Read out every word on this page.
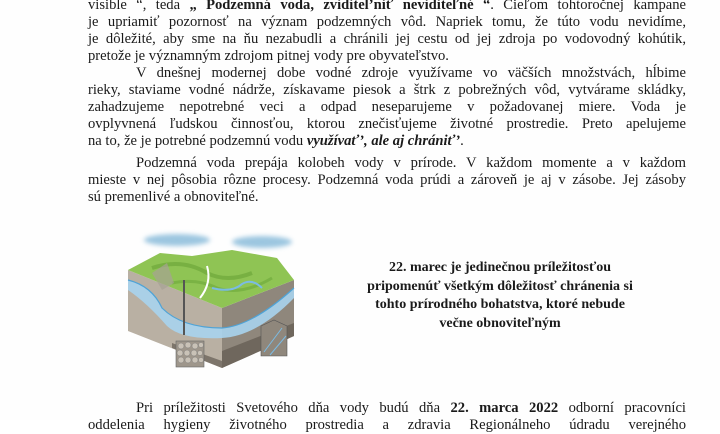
visible “, teda „ Podzemná voda, zviditel’niť neviditeľné “. Cieľom tohtoročnej kampane
je upriamiť pozornosť na význam podzemných vôd. Napriek tomu, že túto vodu nevidíme,
je dôležité, aby sme na ňu nezabudli a chránili jej cestu od jej zdroja po vodovodný kohútik,
pretože je významným zdrojom pitnej vody pre obyvateľstvo.
V dnešnej modernej dobe vodné zdroje využívame vo väčších množstvách, hĺbime
rieky, staviame vodné nádrže, získavame piesok a štrk z pobrežných vôd, vytvárame skládky,
zahadzujeme nepotrebné veci a odpad neseparujeme v požadovanej miere. Voda je
ovplyvnená ľudskou činnosťou, ktorou znečisťujeme životné prostredie. Preto apelujeme
na to, že je potrebné podzemnú vodu využívať’, ale aj chrániť’.
Podzemná voda prepája kolobeh vody v prírode. V každom momente a v každom
mieste v nej pôsobia rôzne procesy. Podzemná voda prúdi a zároveň je aj v zásobe. Jej zásoby
sú premenlivé a obnoviteľné.
22. marec je jedinečnou príležitosťou
pripomenúť všetkým dôležitosť chránenia si
tohto prírodného bohatstva, ktoré nebude
večne obnoviteľným
Pri príležitosti Svetového dňa vody budú dňa 22. marca 2022 odborní pracovníci
oddelenia hygieny životného prostredia a zdravia Regionálneho údradu verejného
